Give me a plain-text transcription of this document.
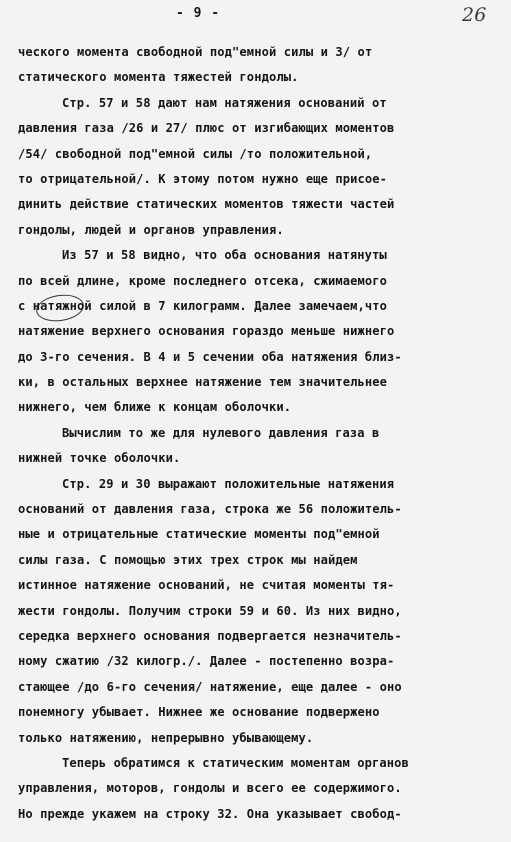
- 9 -	26
ческого момента свободной под"емной силы и 3/ от
статического момента тяжестей гондолы.
Стр. 57 и 58 дают нам натяжения оснований от
давления газа /26 и 27/ плюс от изгибающих моментов
/54/ свободной под"емной силы /то положительной,
то отрицательной/. К этому потом нужно еще присое-
динить действие статических моментов тяжести частей
гондолы, людей и органов управления.
Из 57 и 58 видно, что оба основания натянуты
по всей длине, кроме последнего отсека, сжимаемого
с натяжной силой в 7 килограмм. Далее замечаем,что
натяжение верхнего основания гораздо меньше нижнего
до 3-го сечения. В 4 и 5 сечении оба натяжения близ-
ки, в остальных верхнее натяжение тем значительнее
нижнего, чем ближе к концам оболочки.
Вычислим то же для нулевого давления газа в
нижней точке оболочки.
Стр. 29 и 30 выражают положительные натяжения
оснований от давления газа, строка же 56 положитель-
ные и отрицательные статические моменты под"емной
силы газа. С помощью этих трех строк мы найдем
истинное натяжение оснований, не считая моменты тя-
жести гондолы. Получим строки 59 и 60. Из них видно,
середка верхнего основания подвергается незначитель-
ному сжатию /32 килогр./. Далее - постепенно возра-
стающее /до 6-го сечения/ натяжение, еще далее - оно
понемногу убывает. Нижнее же основание подвержено
только натяжению, непрерывно убывающему.
Теперь обратимся к статическим моментам органов
управления, моторов, гондолы и всего ее содержимого.
Но прежде укажем на строку 32. Она указывает свобод-
